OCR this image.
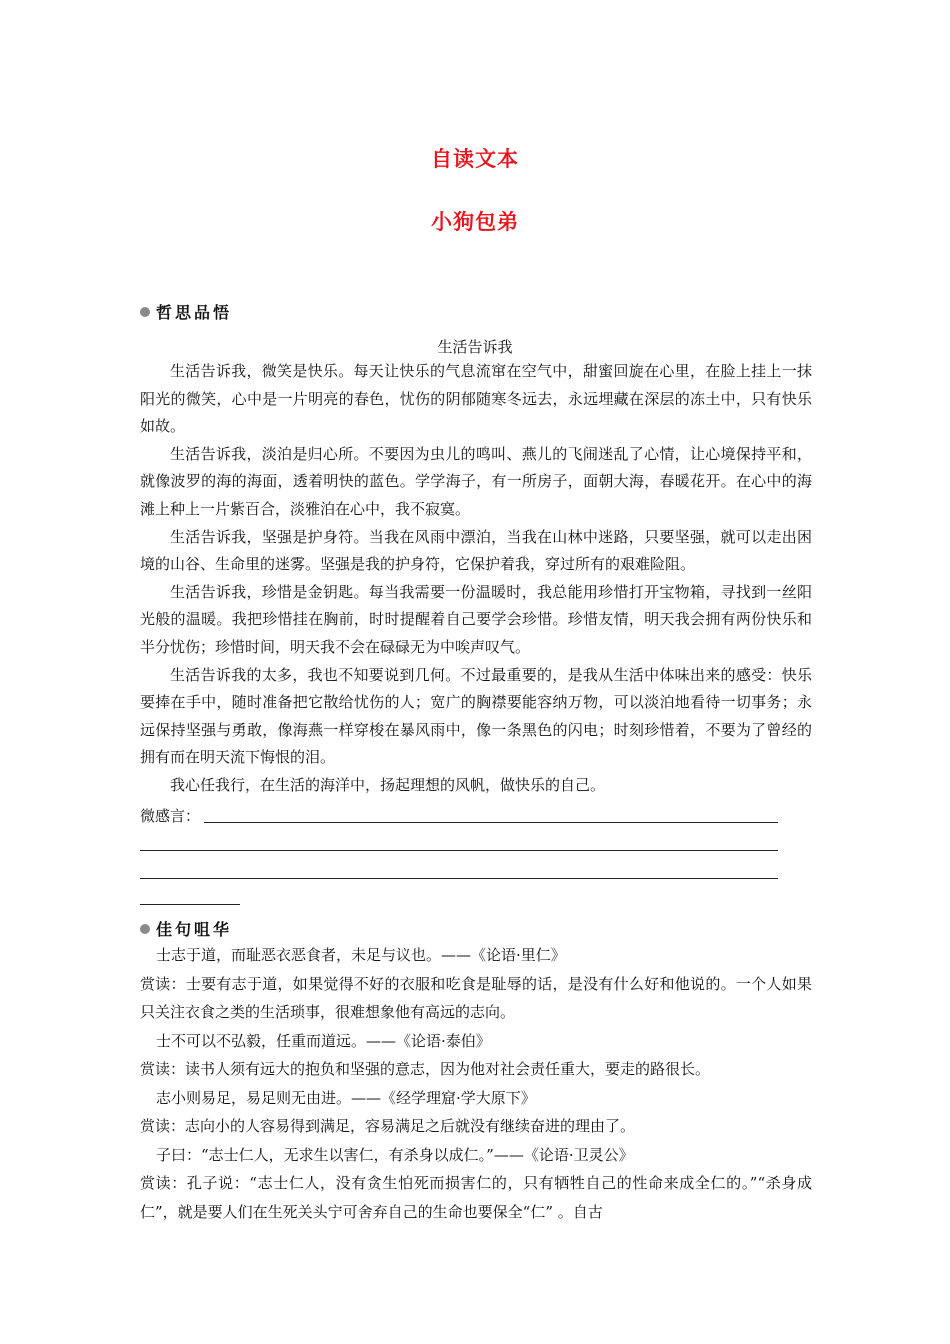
自读文本
小狗包弟
哲思品悟
生活告诉我

生活告诉我，微笑是快乐。每天让快乐的气息流窜在空气中，甜蜜回旋在心里，在脸上挂上一抹阳光的微笑，心中是一片明亮的春色，忧伤的阴郁随寒冬远去，永远埋藏在深层的冻土中，只有快乐如故。

生活告诉我，淡泊是归心所。不要因为虫儿的鸣叫、燕儿的飞闹迷乱了心情，让心境保持平和，就像波罗的海的海面，透着明快的蓝色。学学海子，有一所房子，面朝大海，春暖花开。在心中的海滩上种上一片紫百合，淡雅泊在心中，我不寂寞。

生活告诉我，坚强是护身符。当我在风雨中漂泊，当我在山林中迷路，只要坚强，就可以走出困境的山谷、生命里的迷雾。坚强是我的护身符，它保护着我，穿过所有的艰难险阻。

生活告诉我，珍惜是金钥匙。每当我需要一份温暖时，我总能用珍惜打开宝物箱，寻找到一丝阳光般的温暖。我把珍惜挂在胸前，时时提醒着自己要学会珍惜。珍惜友情，明天我会拥有两份快乐和半分忧伤；珍惜时间，明天我不会在碌碌无为中唉声叹气。

生活告诉我的太多，我也不知要说到几何。不过最重要的，是我从生活中体味出来的感受：快乐要捧在手中，随时准备把它散给忧伤的人；宽广的胸襟要能容纳万物，可以淡泊地看待一切事务；永远保持坚强与勇敢，像海燕一样穿梭在暴风雨中，像一条黑色的闪电；时刻珍惜着，不要为了曾经的拥有而在明天流下悔恨的泪。

我心任我行，在生活的海洋中，扬起理想的风帆，做快乐的自己。

微感言：
佳句咀华

士志于道，而耻恶衣恶食者，未足与议也。——《论语·里仁》

赏读：士要有志于道，如果觉得不好的衣服和吃食是耻辱的话，是没有什么好和他说的。一个人如果只关注衣食之类的生活琐事，很难想象他有高远的志向。

士不可以不弘毅，任重而道远。——《论语·泰伯》

赏读：读书人须有远大的抱负和坚强的意志，因为他对社会责任重大，要走的路很长。

志小则易足，易足则无由进。——《经学理窟·学大原下》

赏读：志向小的人容易得到满足，容易满足之后就没有继续奋进的理由了。

子曰：“志士仁人，无求生以害仁，有杀身以成仁。”——《论语·卫灵公》

赏读：孔子说：“志士仁人，没有贪生怕死而损害仁的，只有牺牲自己的性命来成全仁的。”“杀身成仁”，就是要人们在生死关头宁可舍弃自己的生命也要保全“仁” 。自古
